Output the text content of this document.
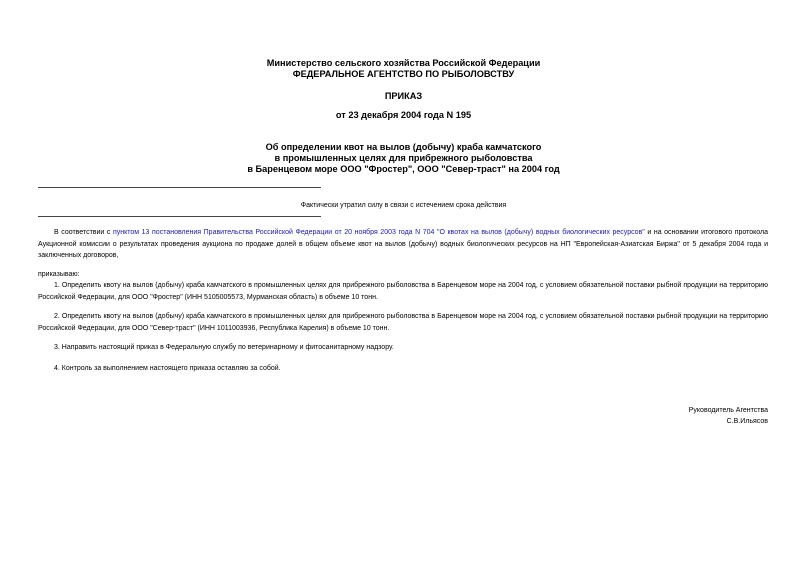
Министерство сельского хозяйства Российской Федерации
ФЕДЕРАЛЬНОЕ АГЕНТСТВО ПО РЫБОЛОВСТВУ
ПРИКАЗ
от 23 декабря 2004 года N 195
Об определении квот на вылов (добычу) краба камчатского
в промышленных целях для прибрежного рыболовства
в Баренцевом море ООО "Фростер", ООО "Север-траст" на 2004 год
Фактически утратил силу в связи с истечением срока действия
В соответствии с пунктом 13 постановления Правительства Российской Федерации от 20 ноября 2003 года N 704 "О квотах на вылов (добычу) водных биологических ресурсов" и на основании итогового протокола Аукционной комиссии о результатах проведения аукциона по продаже долей в общем объеме квот на вылов (добычу) водных биологических ресурсов на НП "Европейская-Азиатская Биржа" от 5 декабря 2004 года и заключенных договоров,
приказываю:
1. Определить квоту на вылов (добычу) краба камчатского в промышленных целях для прибрежного рыболовства в Баренцевом море на 2004 год, с условием обязательной поставки рыбной продукции на территорию Российской Федерации, для ООО "Фростер" (ИНН 5105005573, Мурманская область) в объеме 10 тонн.
2. Определить квоту на вылов (добычу) краба камчатского в промышленных целях для прибрежного рыболовства в Баренцевом море на 2004 год, с условием обязательной поставки рыбной продукции на территорию Российской Федерации, для ООО "Север-траст" (ИНН 1011003936, Республика Карелия) в объеме 10 тонн.
3. Направить настоящий приказ в Федеральную службу по ветеринарному и фитосанитарному надзору.
4. Контроль за выполнением настоящего приказа оставляю за собой.
Руководитель Агентства
С.В.Ильясов
